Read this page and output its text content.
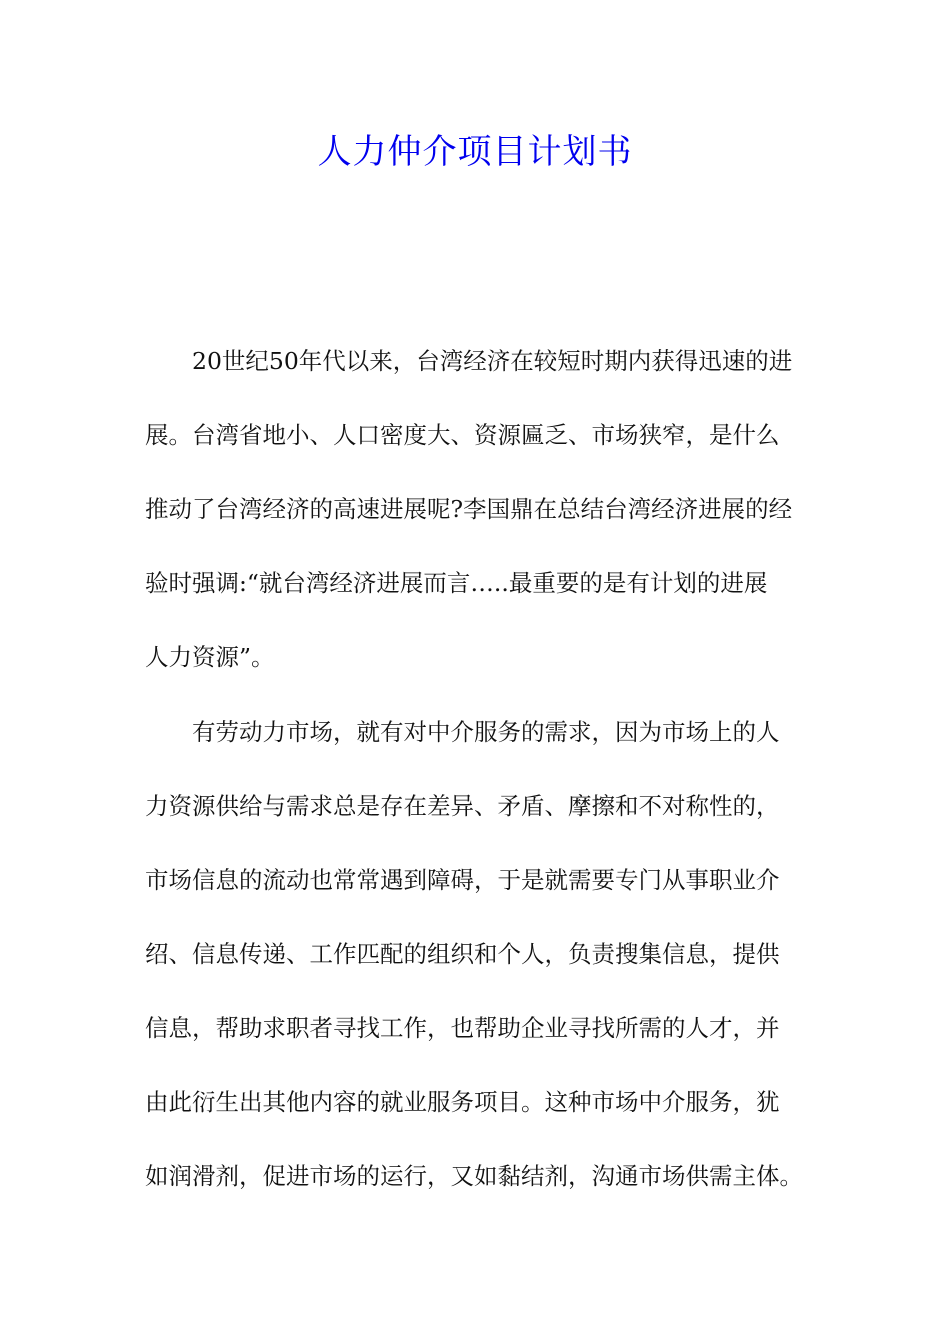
人力仲介项目计划书

20世纪50年代以来，台湾经济在较短时期内获得迅速的进
展。台湾省地小、人口密度大、资源匾乏、市场狭窄，是什么
推动了台湾经济的高速进展呢?李国鼎在总结台湾经济进展的经
验时强调:“就台湾经济进展而言…..最重要的是有计划的进展
人力资源”。

有劳动力市场，就有对中介服务的需求，因为市场上的人
力资源供给与需求总是存在差异、矛盾、摩擦和不对称性的，
市场信息的流动也常常遇到障碍，于是就需要专门从事职业介
绍、信息传递、工作匹配的组织和个人，负责搜集信息，提供
信息，帮助求职者寻找工作，也帮助企业寻找所需的人才，并
由此衍生出其他内容的就业服务项目。这种市场中介服务，犹
如润滑剂，促进市场的运行，又如黏结剂，沟通市场供需主体。
